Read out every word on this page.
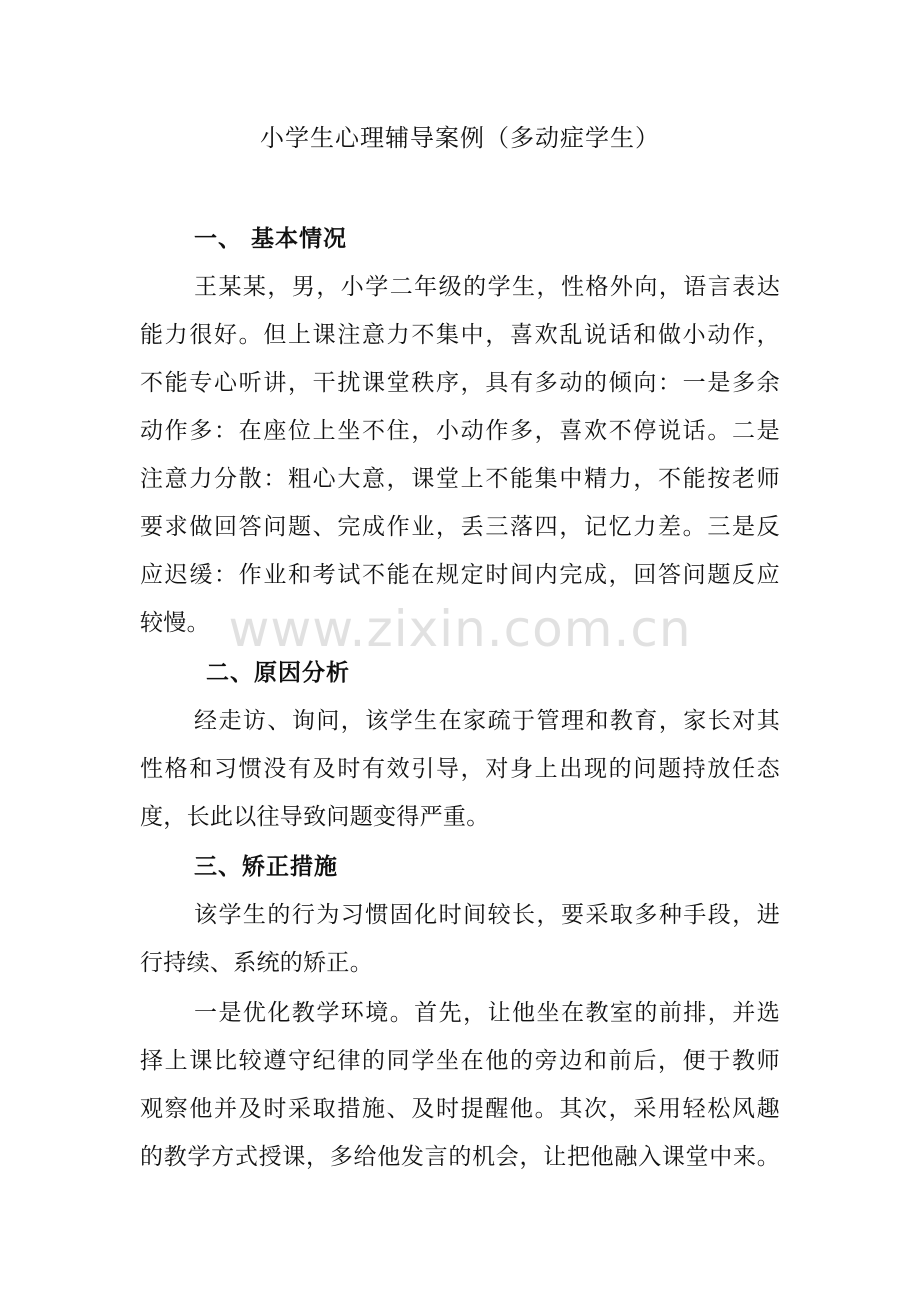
小学生心理辅导案例（多动症学生）
一、 基本情况
王某某，男，小学二年级的学生，性格外向，语言表达
能力很好。但上课注意力不集中，喜欢乱说话和做小动作，
不能专心听讲，干扰课堂秩序，具有多动的倾向：一是多余
动作多：在座位上坐不住，小动作多，喜欢不停说话。二是
注意力分散：粗心大意，课堂上不能集中精力，不能按老师
要求做回答问题、完成作业，丢三落四，记忆力差。三是反
应迟缓：作业和考试不能在规定时间内完成，回答问题反应
较慢。 www.zixin.com.cn
二、原因分析
经走访、询问，该学生在家疏于管理和教育，家长对其
性格和习惯没有及时有效引导，对身上出现的问题持放任态
度，长此以往导致问题变得严重。
三、矫正措施
该学生的行为习惯固化时间较长，要采取多种手段，进
行持续、系统的矫正。
一是优化教学环境。首先，让他坐在教室的前排，并选
择上课比较遵守纪律的同学坐在他的旁边和前后，便于教师
观察他并及时采取措施、及时提醒他。其次，采用轻松风趣
的教学方式授课，多给他发言的机会，让把他融入课堂中来。
